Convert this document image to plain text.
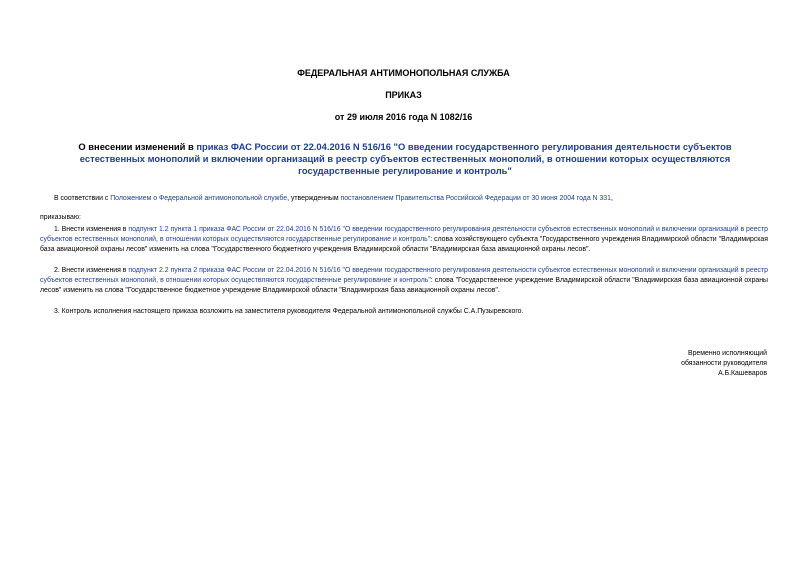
ФЕДЕРАЛЬНАЯ АНТИМОНОПОЛЬНАЯ СЛУЖБА
ПРИКАЗ
от 29 июля 2016 года N 1082/16
О внесении изменений в приказ ФАС России от 22.04.2016 N 516/16 "О введении государственного регулирования деятельности субъектов естественных монополий и включении организаций в реестр субъектов естественных монополий, в отношении которых осуществляются государственные регулирование и контроль"
В соответствии с Положением о Федеральной антимонопольной службе, утвержденным постановлением Правительства Российской Федерации от 30 июня 2004 года N 331,
приказываю:
1. Внести изменения в подпункт 1.2 пункта 1 приказа ФАС России от 22.04.2016 N 516/16 "О введении государственного регулирования деятельности субъектов естественных монополий и включении организаций в реестр субъектов естественных монополий, в отношении которых осуществляются государственные регулирование и контроль": слова хозяйствующего субъекта "Государственного учреждения Владимирской области "Владимирская база авиационной охраны лесов" изменить на слова "Государственного бюджетного учреждения Владимирской области "Владимирская база авиационной охраны лесов".
2. Внести изменения в подпункт 2.2 пункта 2 приказа ФАС России от 22.04.2016 N 516/16 "О введении государственного регулирования деятельности субъектов естественных монополий и включении организаций в реестр субъектов естественных монополий, в отношении которых осуществляются государственные регулирование и контроль": слова "Государственное учреждение Владимирской области "Владимирская база авиационной охраны лесов" изменить на слова "Государственное бюджетное учреждение Владимирской области "Владимирская база авиационной охраны лесов".
3. Контроль исполнения настоящего приказа возложить на заместителя руководителя Федеральной антимонопольной службы С.А.Пузыревского.
Временно исполняющий
обязанности руководителя
А.Б.Кашеваров
